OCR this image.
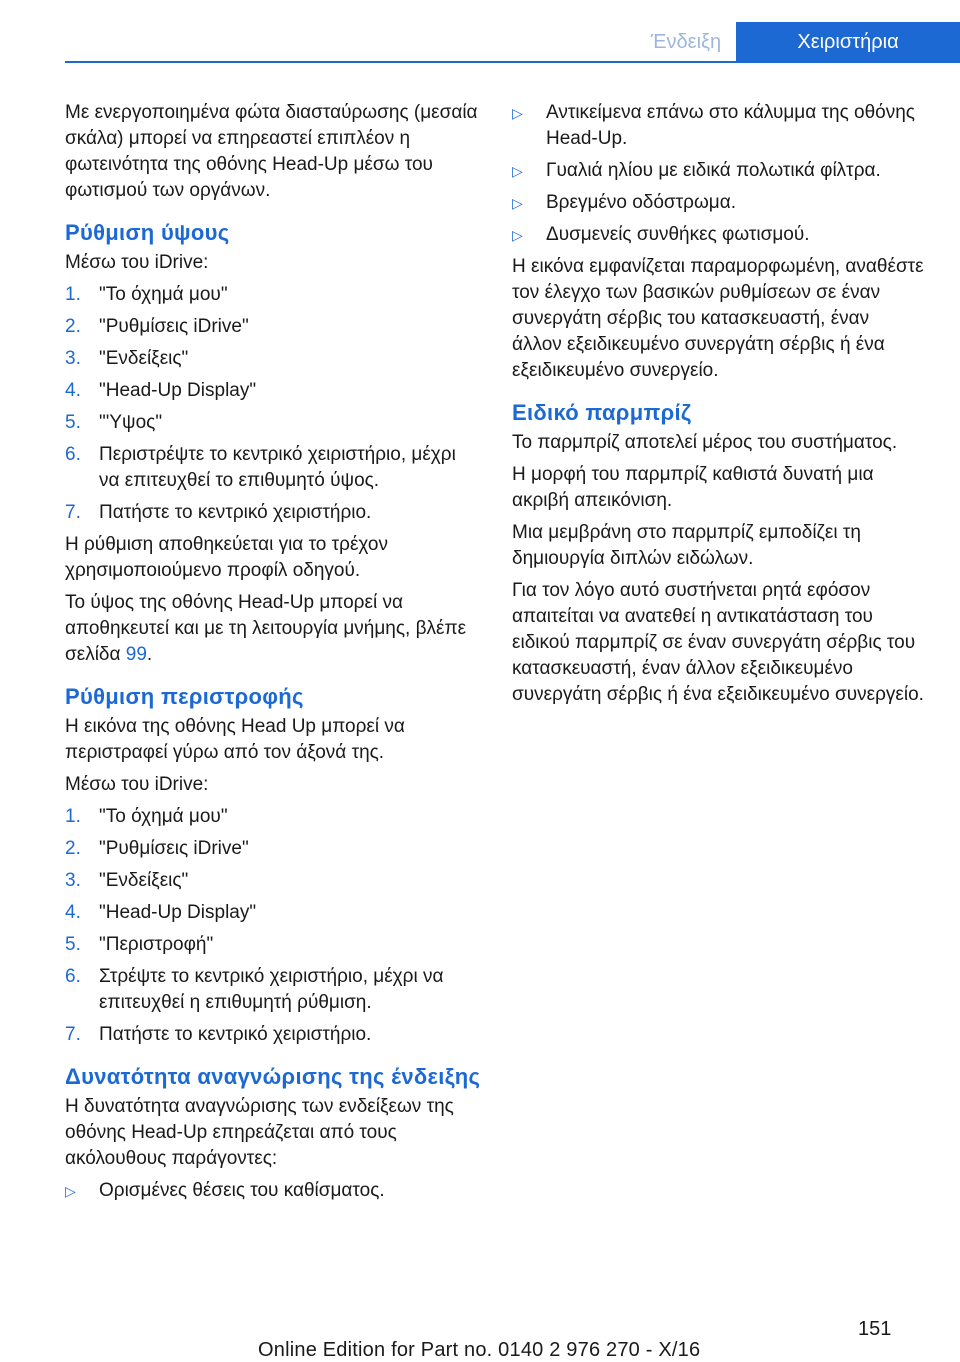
Ένδειξη	Χειριστήρια

Με ενεργοποιημένα φώτα διασταύρωσης (μεσαία σκάλα) μπορεί να επηρεαστεί επιπλέον η φωτεινότητα της οθόνης Head-Up μέσω του φωτισμού των οργάνων.

Ρύθμιση ύψους

Μέσω του iDrive:

1. "Το όχημά μου"
2. "Ρυθμίσεις iDrive"
3. "Ενδείξεις"
4. "Head-Up Display"
5. "'Υψος"
6. Περιστρέψτε το κεντρικό χειριστήριο, μέχρι να επιτευχθεί το επιθυμητό ύψος.
7. Πατήστε το κεντρικό χειριστήριο.

Η ρύθμιση αποθηκεύεται για το τρέχον χρησιμοποιούμενο προφίλ οδηγού.

Το ύψος της οθόνης Head-Up μπορεί να αποθηκευτεί και με τη λειτουργία μνήμης, βλέπε σελίδα 99.

Ρύθμιση περιστροφής

Η εικόνα της οθόνης Head Up μπορεί να περιστραφεί γύρω από τον άξονά της.

Μέσω του iDrive:

1. "Το όχημά μου"
2. "Ρυθμίσεις iDrive"
3. "Ενδείξεις"
4. "Head-Up Display"
5. "Περιστροφή"
6. Στρέψτε το κεντρικό χειριστήριο, μέχρι να επιτευχθεί η επιθυμητή ρύθμιση.
7. Πατήστε το κεντρικό χειριστήριο.
Δυνατότητα αναγνώρισης της ένδειξης

Η δυνατότητα αναγνώρισης των ενδείξεων της οθόνης Head-Up επηρεάζεται από τους ακόλουθους παράγοντες:

▷ Ορισμένες θέσεις του καθίσματος.
▷ Αντικείμενα επάνω στο κάλυμμα της οθόνης Head-Up.
▷ Γυαλιά ηλίου με ειδικά πολωτικά φίλτρα.
▷ Βρεγμένο οδόστρωμα.
▷ Δυσμενείς συνθήκες φωτισμού.

Η εικόνα εμφανίζεται παραμορφωμένη, αναθέστε τον έλεγχο των βασικών ρυθμίσεων σε έναν συνεργάτη σέρβις του κατασκευαστή, έναν άλλον εξειδικευμένο συνεργάτη σέρβις ή ένα εξειδικευμένο συνεργείο.

Ειδικό παρμπρίζ

Το παρμπρίζ αποτελεί μέρος του συστήματος.

Η μορφή του παρμπρίζ καθιστά δυνατή μια ακριβή απεικόνιση.

Μια μεμβράνη στο παρμπρίζ εμποδίζει τη δημιουργία διπλών ειδώλων.

Για τον λόγο αυτό συστήνεται ρητά εφόσον απαιτείται να ανατεθεί η αντικατάσταση του ειδικού παρμπρίζ σε έναν συνεργάτη σέρβις του κατασκευαστή, έναν άλλον εξειδικευμένο συνεργάτη σέρβις ή ένα εξειδικευμένο συνεργείο.

151
Online Edition for Part no. 0140 2 976 270 - X/16
